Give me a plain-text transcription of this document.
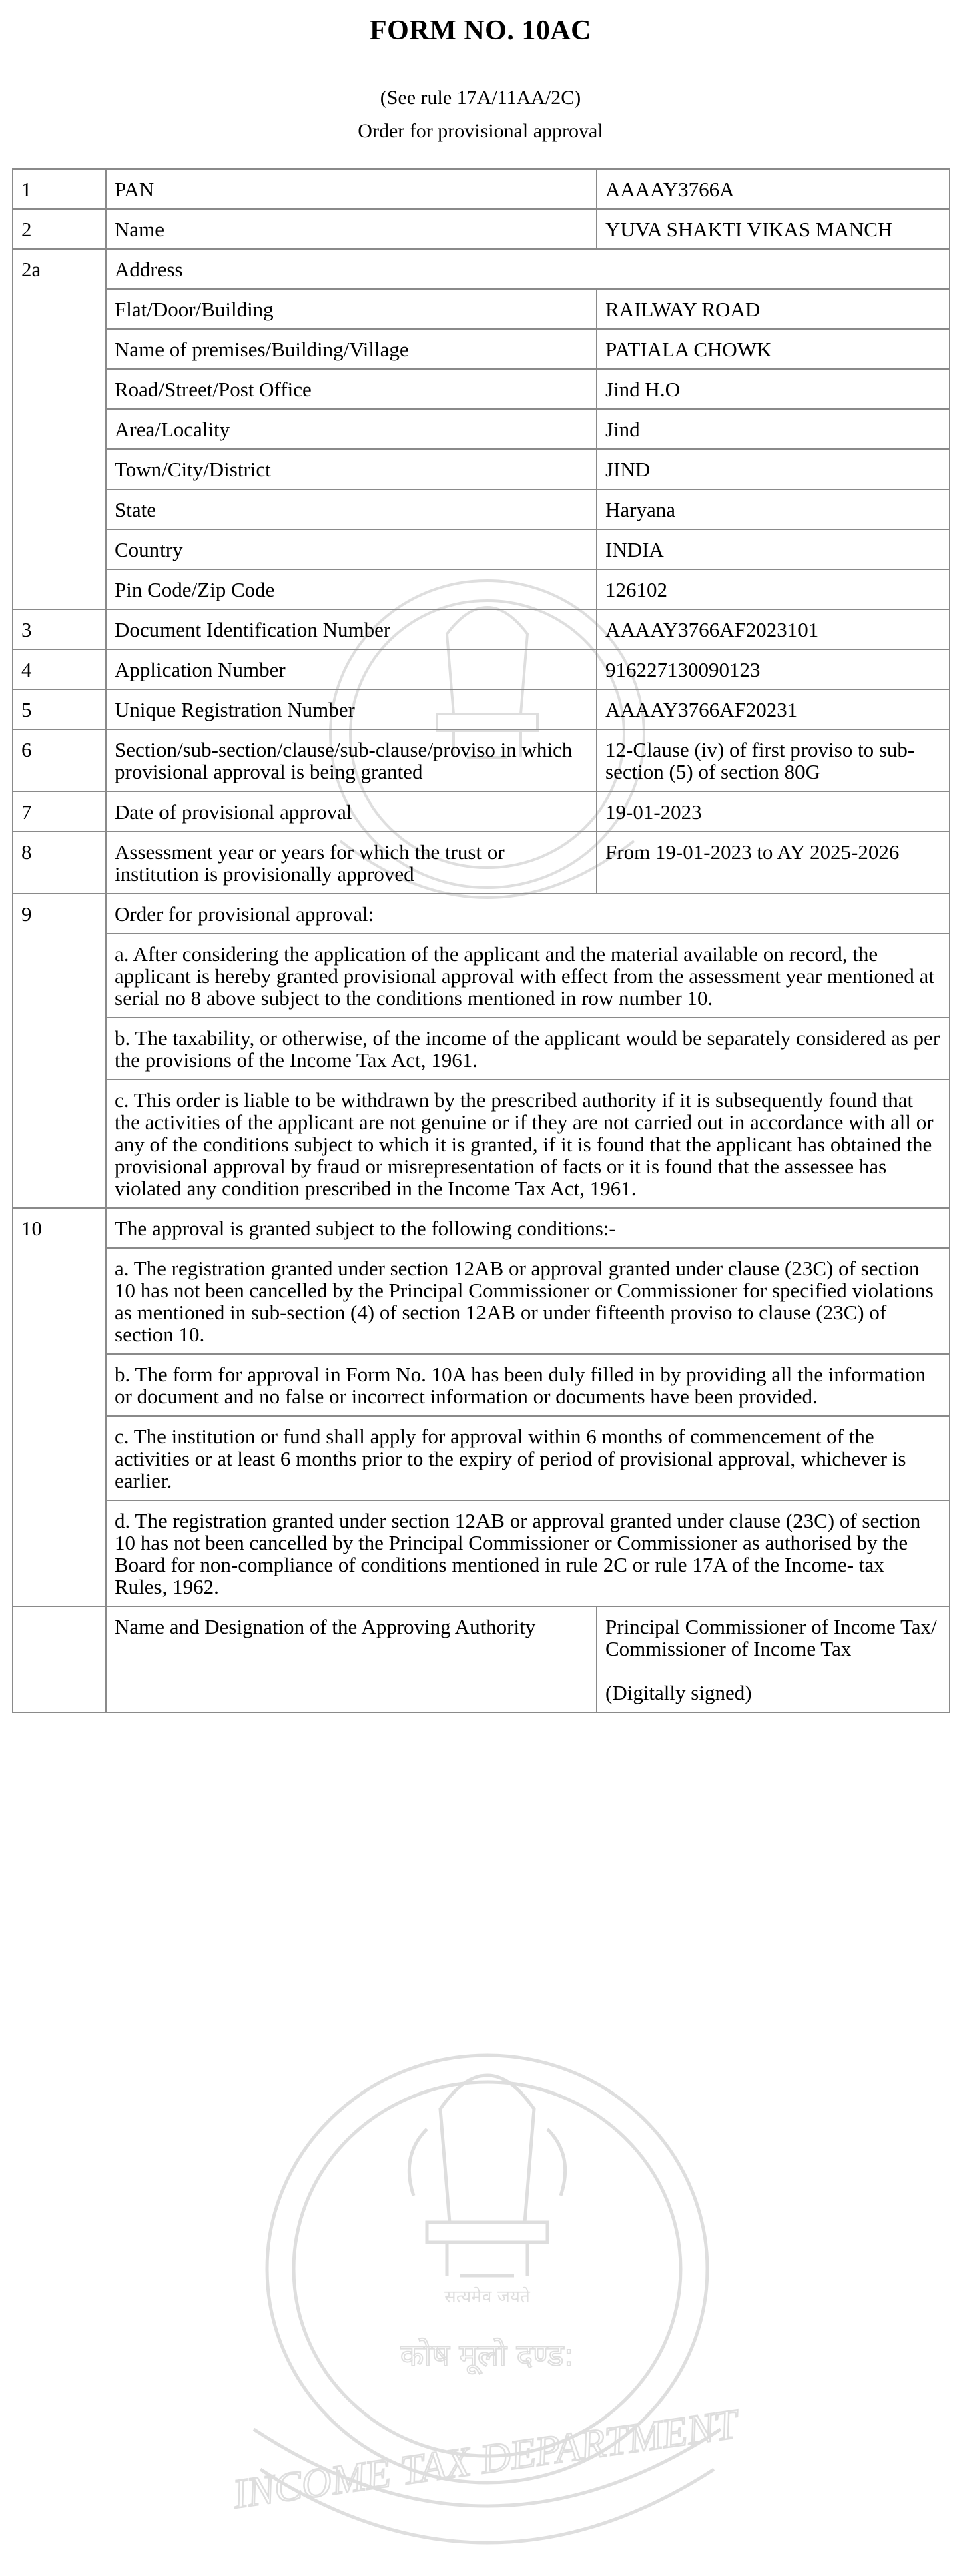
सत्यमेव जयते
कोष मूलो दण्ड:
INCOME TAX DEPARTMENT
FORM NO. 10AC
(See rule 17A/11AA/2C)
Order for provisional approval
1	PAN	AAAAY3766A
2	Name	YUVA SHAKTI VIKAS MANCH
2a	Address	
	Flat/Door/Building	RAILWAY ROAD
	Name of premises/Building/Village	PATIALA CHOWK
	Road/Street/Post Office	Jind H.O
	Area/Locality	Jind
	Town/City/District	JIND
	State	Haryana
	Country	INDIA
	Pin Code/Zip Code	126102
3	Document Identification Number	AAAAY3766AF2023101
4	Application Number	916227130090123
5	Unique Registration Number	AAAAY3766AF20231
6	Section/sub-section/clause/sub-clause/proviso in which provisional approval is being granted	12-Clause (iv) of first proviso to sub-section (5) of section 80G
7	Date of provisional approval	19-01-2023
8	Assessment year or years for which the trust or institution is provisionally approved	From 19-01-2023 to AY 2025-2026
9	Order for provisional approval:	
	a. After considering the application of the applicant and the material available on record, the applicant is hereby granted provisional approval with effect from the assessment year mentioned at serial no 8 above subject to the conditions mentioned in row number 10.	
	b. The taxability, or otherwise, of the income of the applicant would be separately considered as per the provisions of the Income Tax Act, 1961.	
	c. This order is liable to be withdrawn by the prescribed authority if it is subsequently found that the activities of the applicant are not genuine or if they are not carried out in accordance with all or any of the conditions subject to which it is granted, if it is found that the applicant has obtained the provisional approval by fraud or misrepresentation of facts or it is found that the assessee has violated any condition prescribed in the Income Tax Act, 1961.	
10	The approval is granted subject to the following conditions:-	
	a. The registration granted under section 12AB or approval granted under clause (23C) of section 10 has not been cancelled by the Principal Commissioner or Commissioner for specified violations as mentioned in sub-section (4) of section 12AB or under fifteenth proviso to clause (23C) of section 10.	
	b. The form for approval in Form No. 10A has been duly filled in by providing all the information or document and no false or incorrect information or documents have been provided.	
	c. The institution or fund shall apply for approval within 6 months of commencement of the activities or at least 6 months prior to the expiry of period of provisional approval, whichever is earlier.	
	d. The registration granted under section 12AB or approval granted under clause (23C) of section 10 has not been cancelled by the Principal Commissioner or Commissioner as authorised by the Board for non-compliance of conditions mentioned in rule 2C or rule 17A of the Income- tax Rules, 1962.	
	Name and Designation of the Approving Authority	Principal Commissioner of Income Tax/ Commissioner of Income Tax
(Digitally signed)
